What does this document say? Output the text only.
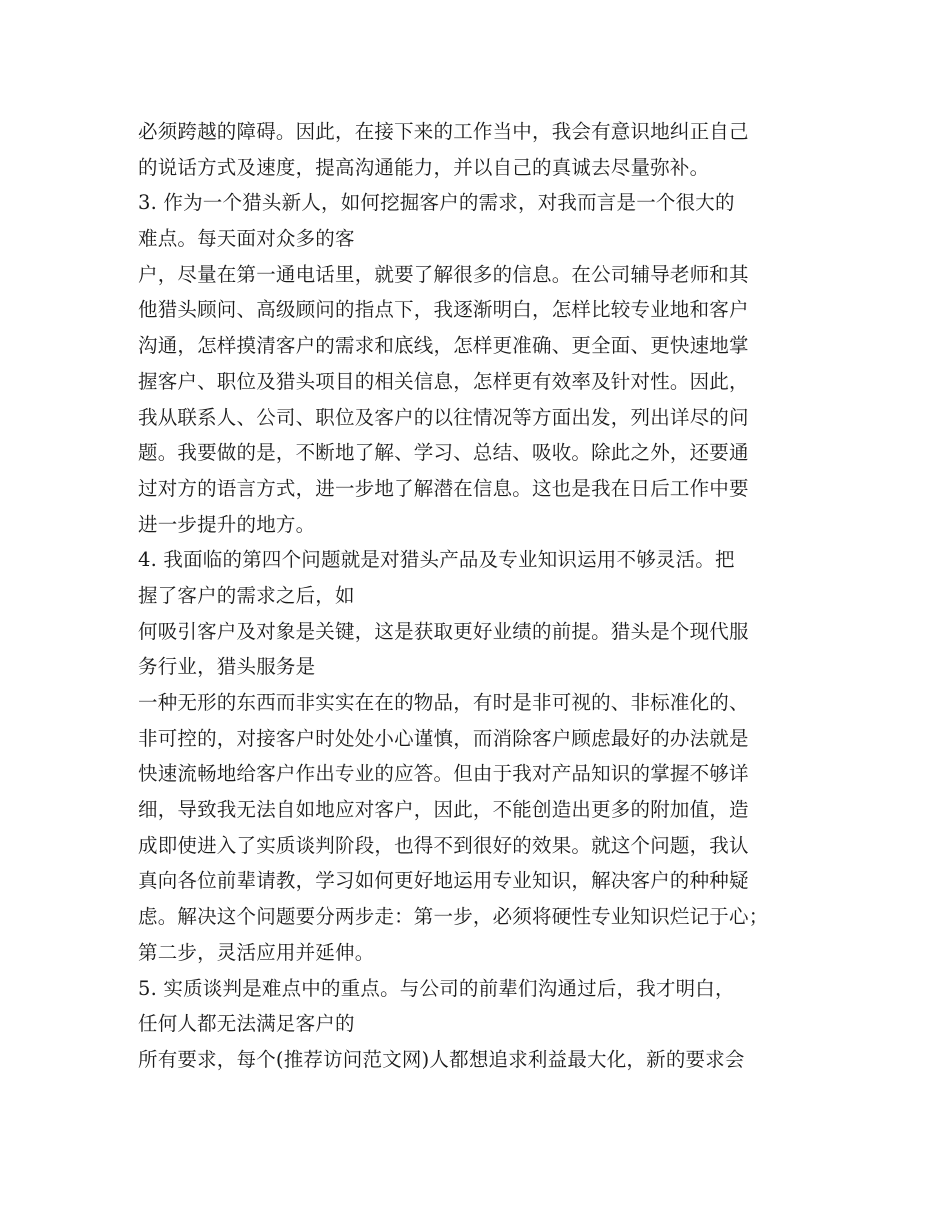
必须跨越的障碍。因此，在接下来的工作当中，我会有意识地纠正自己
的说话方式及速度，提高沟通能力，并以自己的真诚去尽量弥补。
3. 作为一个猎头新人，如何挖掘客户的需求，对我而言是一个很大的
难点。每天面对众多的客
户，尽量在第一通电话里，就要了解很多的信息。在公司辅导老师和其
他猎头顾问、高级顾问的指点下，我逐渐明白，怎样比较专业地和客户
沟通，怎样摸清客户的需求和底线，怎样更准确、更全面、更快速地掌
握客户、职位及猎头项目的相关信息，怎样更有效率及针对性。因此，
我从联系人、公司、职位及客户的以往情况等方面出发，列出详尽的问
题。我要做的是，不断地了解、学习、总结、吸收。除此之外，还要通
过对方的语言方式，进一步地了解潜在信息。这也是我在日后工作中要
进一步提升的地方。
4. 我面临的第四个问题就是对猎头产品及专业知识运用不够灵活。把
握了客户的需求之后，如
何吸引客户及对象是关键，这是获取更好业绩的前提。猎头是个现代服
务行业，猎头服务是
一种无形的东西而非实实在在的物品，有时是非可视的、非标准化的、
非可控的，对接客户时处处小心谨慎，而消除客户顾虑最好的办法就是
快速流畅地给客户作出专业的应答。但由于我对产品知识的掌握不够详
细，导致我无法自如地应对客户，因此，不能创造出更多的附加值，造
成即使进入了实质谈判阶段，也得不到很好的效果。就这个问题，我认
真向各位前辈请教，学习如何更好地运用专业知识，解决客户的种种疑
虑。解决这个问题要分两步走：第一步，必须将硬性专业知识烂记于心；
第二步，灵活应用并延伸。
5. 实质谈判是难点中的重点。与公司的前辈们沟通过后，我才明白，
任何人都无法满足客户的
所有要求，每个(推荐访问范文网)人都想追求利益最大化，新的要求会
